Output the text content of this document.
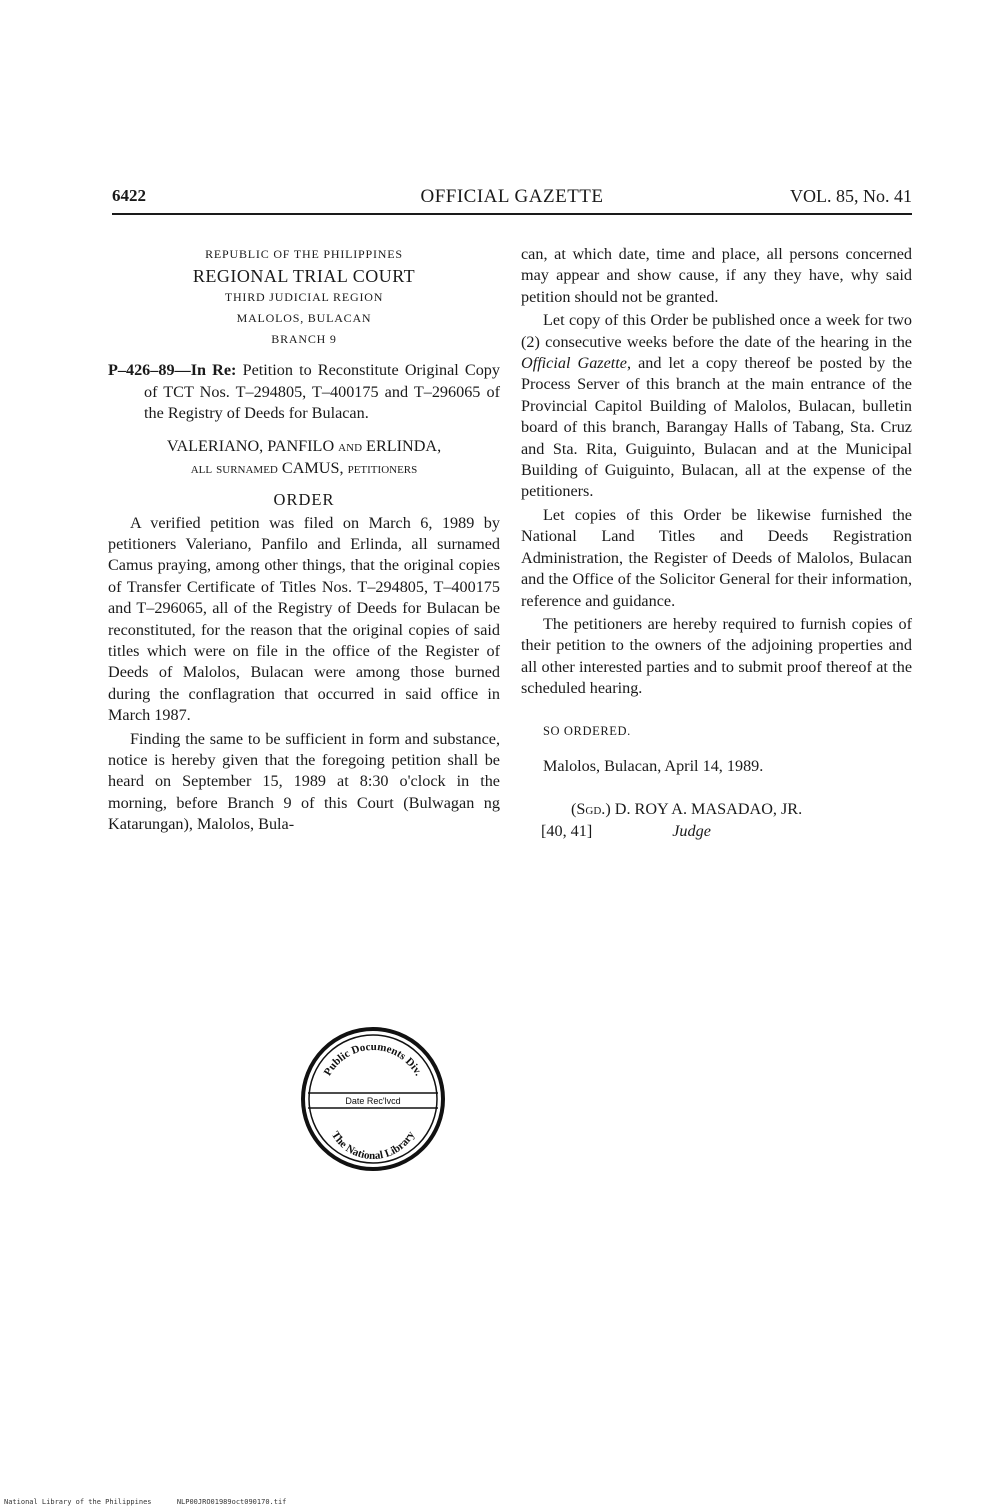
6422	OFFICIAL GAZETTE	VOL. 85, No. 41
REPUBLIC OF THE PHILIPPINES
REGIONAL TRIAL COURT
THIRD JUDICIAL REGION
MALOLOS, BULACAN
BRANCH 9
P–426–89—In Re: Petition to Reconstitute Original Copy of TCT Nos. T–294805, T–400175 and T–296065 of the Registry of Deeds for Bulacan.
VALERIANO, PANFILO and ERLINDA,
all surnamed CAMUS, petitioners
ORDER

A verified petition was filed on March 6, 1989 by petitioners Valeriano, Panfilo and Erlinda, all surnamed Camus praying, among other things, that the original copies of Transfer Certificate of Titles Nos. T–294805, T–400175 and T–296065, all of the Registry of Deeds for Bulacan be reconstituted, for the reason that the original copies of said titles which were on file in the office of the Register of Deeds of Malolos, Bulacan were among those burned during the conflagration that occurred in said office in March 1987.

Finding the same to be sufficient in form and substance, notice is hereby given that the foregoing petition shall be heard on September 15, 1989 at 8:30 o'clock in the morning, before Branch 9 of this Court (Bulwagan ng Katarungan), Malolos, Bula-

can, at which date, time and place, all persons concerned may appear and show cause, if any they have, why said petition should not be granted.

Let copy of this Order be published once a week for two (2) consecutive weeks before the date of the hearing in the Official Gazette, and let a copy thereof be posted by the Process Server of this branch at the main entrance of the Provincial Capitol Building of Malolos, Bulacan, bulletin board of this branch, Barangay Halls of Tabang, Sta. Cruz and Sta. Rita, Guiguinto, Bulacan and at the Municipal Building of Guiguinto, Bulacan, all at the expense of the petitioners.

Let copies of this Order be likewise furnished the National Land Titles and Deeds Registration Administration, the Register of Deeds of Malolos, Bulacan and the Office of the Solicitor General for their information, reference and guidance.

The petitioners are hereby required to furnish copies of their petition to the owners of the adjoining properties and all other interested parties and to submit proof thereof at the scheduled hearing.

SO ORDERED.
Malolos, Bulacan, April 14, 1989.
(Sgd.) D. ROY A. MASADAO, JR.
[40, 41]	Judge
Public Documents Div.
Date Rec'lvcd
The National Library
National Library of the Philippines	NLP00JRO01989oct090170.tif
